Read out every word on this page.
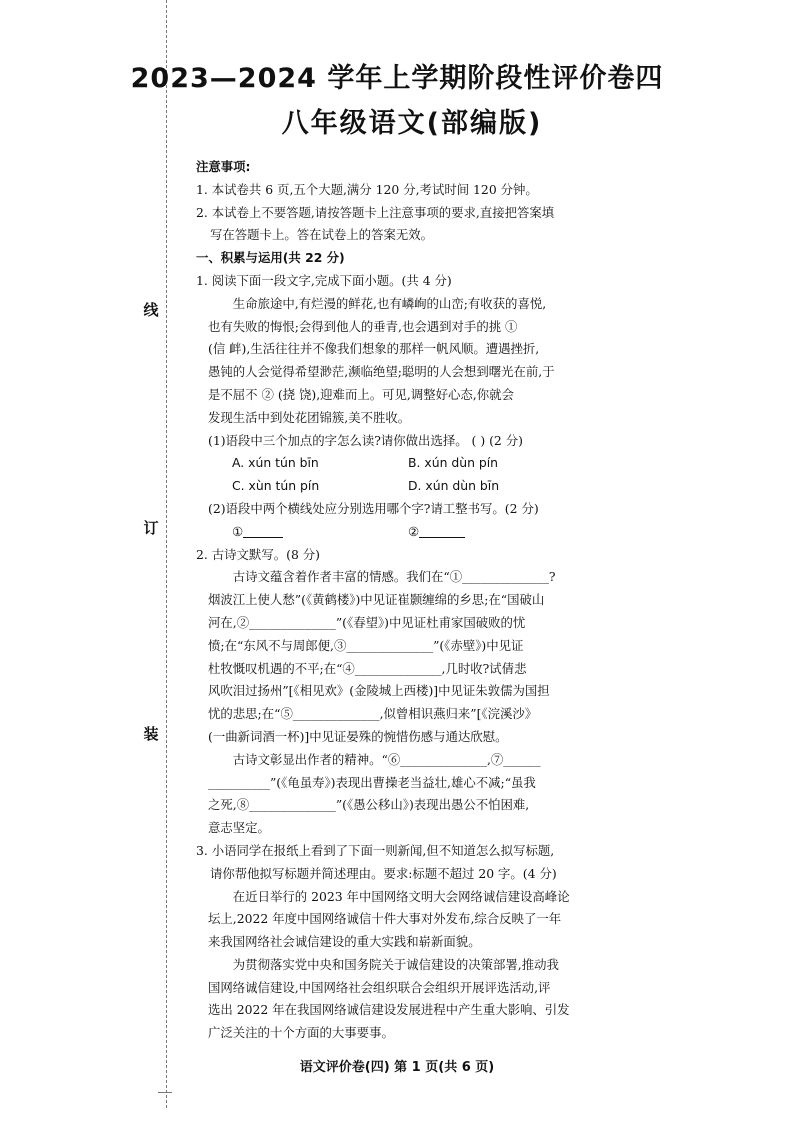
线
订
装
2023—2024 学年上学期阶段性评价卷四
八年级语文(部编版)

注意事项:

1. 本试卷共 6 页,五个大题,满分 120 分,考试时间 120 分钟。

2. 本试卷上不要答题,请按答题卡上注意事项的要求,直接把答案填

写在答题卡上。答在试卷上的答案无效。

一、积累与运用(共 22 分)

1. 阅读下面一段文字,完成下面小题。(共 4 分)

生命旅途中,有烂漫的鲜花,也有嶙峋的山峦;有收获的喜悦,

也有失败的悔恨;会得到他人的垂青,也会遇到对手的挑 ①

(信 衅),生活往往并不像我们想象的那样一帆风顺。遭遇挫折,

愚钝的人会觉得希望渺茫,濒临绝望;聪明的人会想到曙光在前,于

是不屈不 ② (挠 饶),迎难而上。可见,调整好心态,你就会

发现生活中到处花团锦簇,美不胜收。

(1)语段中三个加点的字怎么读?请你做出选择。 ( ) (2 分)

A. xún tún bīn	B. xún dùn pín
C. xùn tún pín	D. xún dùn bīn

(2)语段中两个横线处应分别选用哪个字?请工整书写。(2 分)

①	②

2. 古诗文默写。(8 分)

古诗文蕴含着作者丰富的情感。我们在“①______________?

烟波江上使人愁”(《黄鹤楼》)中见证崔颢缠绵的乡思;在“国破山

河在,②______________”(《春望》)中见证杜甫家国破败的忧

愤;在“东风不与周郎便,③______________”(《赤壁》)中见证

杜牧慨叹机遇的不平;在“④______________,几时收?试倩悲

风吹泪过扬州”[《相见欢》(金陵城上西楼)]中见证朱敦儒为国担

忧的悲思;在“⑤______________,似曾相识燕归来”[《浣溪沙》

(一曲新词酒一杯)]中见证晏殊的惋惜伤感与通达欣慰。

古诗文彰显出作者的精神。“⑥______________,⑦______

__________”(《龟虽寿》)表现出曹操老当益壮,雄心不减;“虽我

之死,⑧______________”(《愚公移山》)表现出愚公不怕困难,

意志坚定。

3. 小语同学在报纸上看到了下面一则新闻,但不知道怎么拟写标题,

请你帮他拟写标题并简述理由。要求:标题不超过 20 字。(4 分)

在近日举行的 2023 年中国网络文明大会网络诚信建设高峰论

坛上,2022 年度中国网络诚信十件大事对外发布,综合反映了一年

来我国网络社会诚信建设的重大实践和崭新面貌。

为贯彻落实党中央和国务院关于诚信建设的决策部署,推动我

国网络诚信建设,中国网络社会组织联合会组织开展评选活动,评

选出 2022 年在我国网络诚信建设发展进程中产生重大影响、引发

广泛关注的十个方面的大事要事。

语文评价卷(四) 第 1 页(共 6 页)
